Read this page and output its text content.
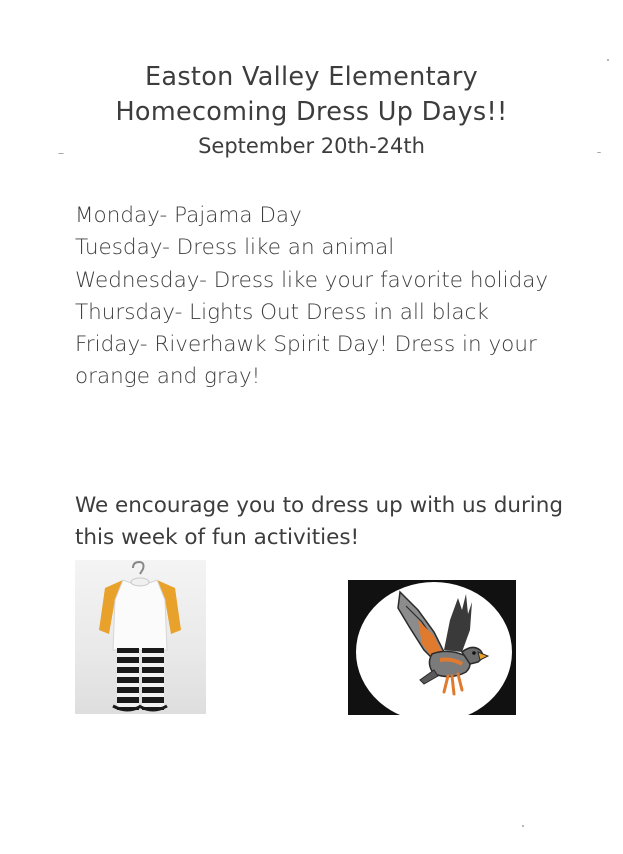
Easton Valley Elementary
Homecoming Dress Up Days!!
September 20th-24th
Monday- Pajama Day
Tuesday- Dress like an animal
Wednesday- Dress like your favorite holiday
Thursday- Lights Out Dress in all black
Friday- Riverhawk Spirit Day! Dress in your orange and gray!
We encourage you to dress up with us during this week of fun activities!
